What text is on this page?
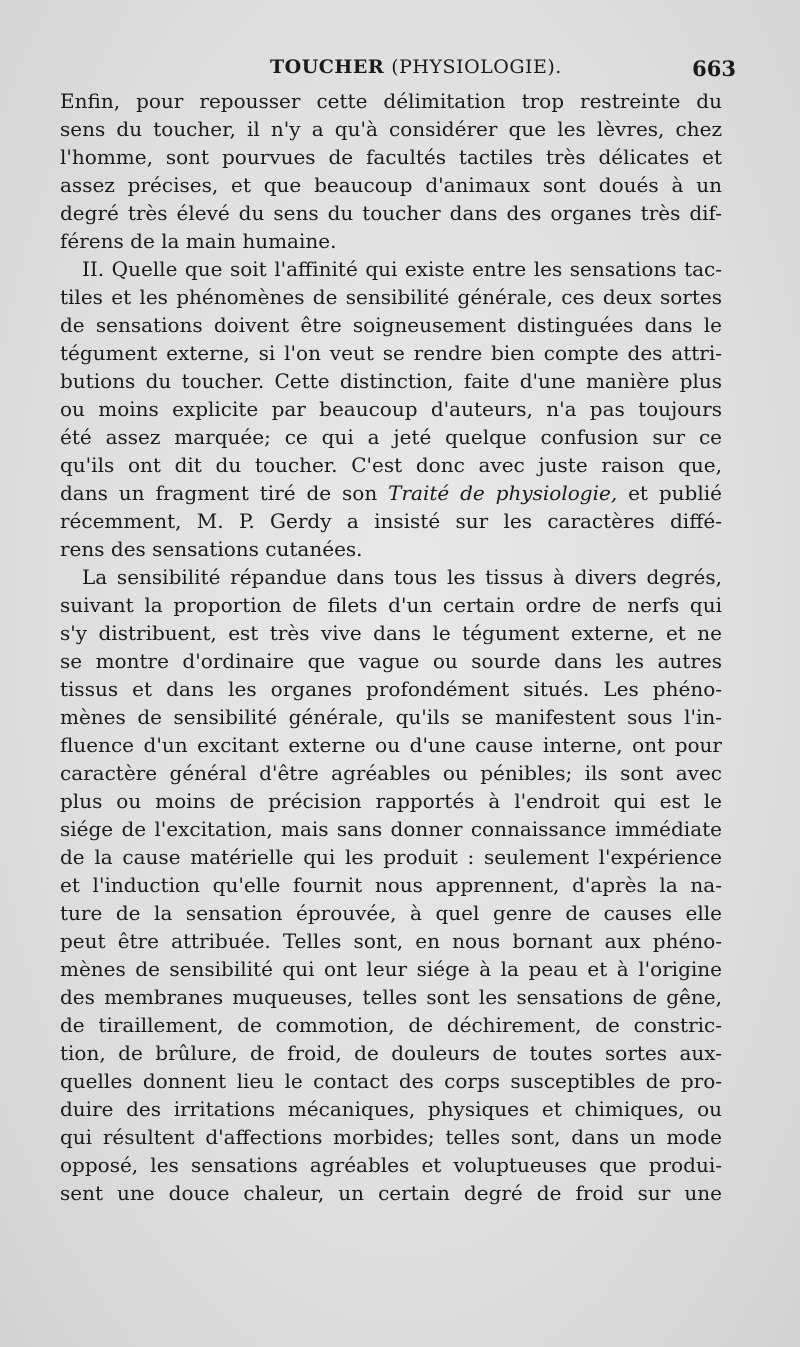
TOUCHER (PHYSIOLOGIE).	663
Enfin, pour repousser cette délimitation trop restreinte du
sens du toucher, il n'y a qu'à considérer que les lèvres, chez
l'homme, sont pourvues de facultés tactiles très délicates et
assez précises, et que beaucoup d'animaux sont doués à un
degré très élevé du sens du toucher dans des organes très dif-
férens de la main humaine.
II. Quelle que soit l'affinité qui existe entre les sensations tac-
tiles et les phénomènes de sensibilité générale, ces deux sortes
de sensations doivent être soigneusement distinguées dans le
tégument externe, si l'on veut se rendre bien compte des attri-
butions du toucher. Cette distinction, faite d'une manière plus
ou moins explicite par beaucoup d'auteurs, n'a pas toujours
été assez marquée; ce qui a jeté quelque confusion sur ce
qu'ils ont dit du toucher. C'est donc avec juste raison que,
dans un fragment tiré de son Traité de physiologie, et publié
récemment, M. P. Gerdy a insisté sur les caractères diffé-
rens des sensations cutanées.
La sensibilité répandue dans tous les tissus à divers degrés,
suivant la proportion de filets d'un certain ordre de nerfs qui
s'y distribuent, est très vive dans le tégument externe, et ne
se montre d'ordinaire que vague ou sourde dans les autres
tissus et dans les organes profondément situés. Les phéno-
mènes de sensibilité générale, qu'ils se manifestent sous l'in-
fluence d'un excitant externe ou d'une cause interne, ont pour
caractère général d'être agréables ou pénibles; ils sont avec
plus ou moins de précision rapportés à l'endroit qui est le
siége de l'excitation, mais sans donner connaissance immédiate
de la cause matérielle qui les produit : seulement l'expérience
et l'induction qu'elle fournit nous apprennent, d'après la na-
ture de la sensation éprouvée, à quel genre de causes elle
peut être attribuée. Telles sont, en nous bornant aux phéno-
mènes de sensibilité qui ont leur siége à la peau et à l'origine
des membranes muqueuses, telles sont les sensations de gêne,
de tiraillement, de commotion, de déchirement, de constric-
tion, de brûlure, de froid, de douleurs de toutes sortes aux-
quelles donnent lieu le contact des corps susceptibles de pro-
duire des irritations mécaniques, physiques et chimiques, ou
qui résultent d'affections morbides; telles sont, dans un mode
opposé, les sensations agréables et voluptueuses que produi-
sent une douce chaleur, un certain degré de froid sur une
